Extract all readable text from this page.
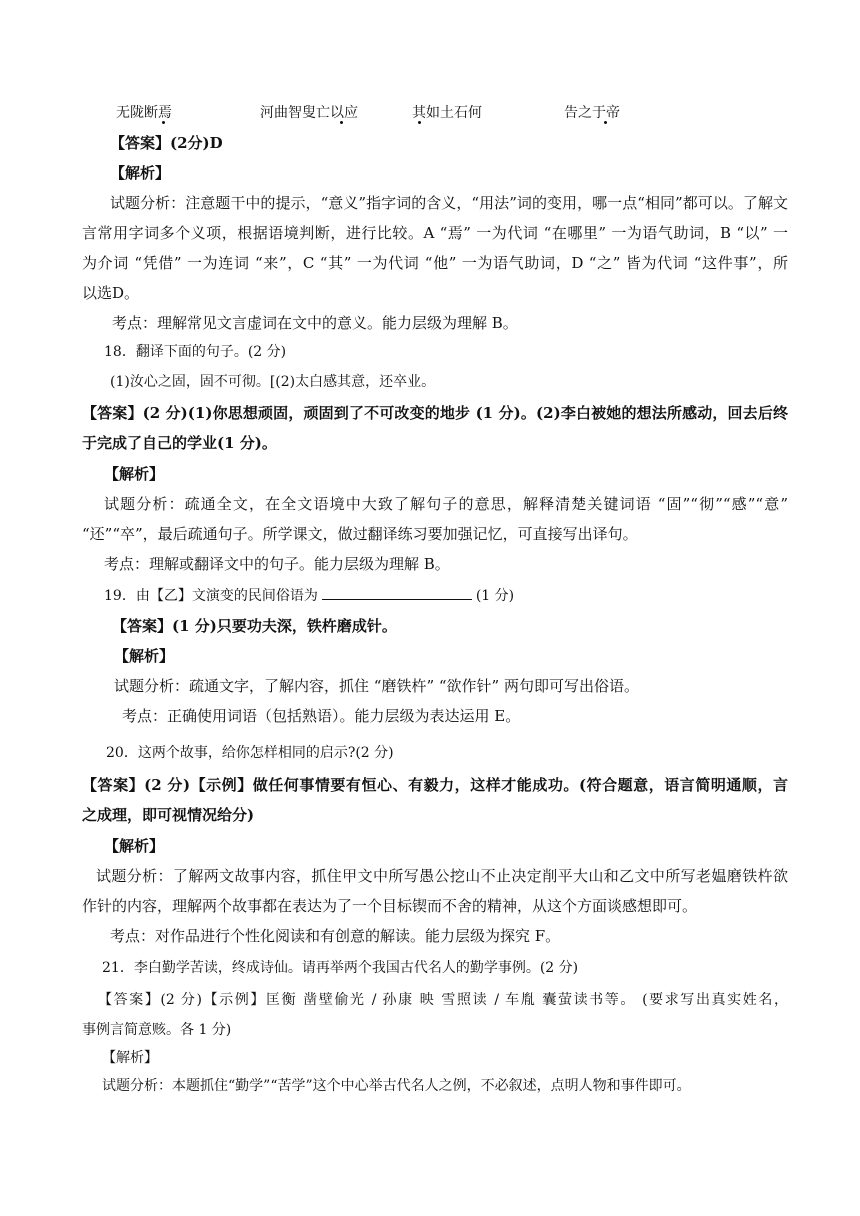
无陇断焉	河曲智叟亡以应	其如土石何	告之于帝
【答案】(2分)D
【解析】
试题分析：注意题干中的提示，“意义”指字词的含义，“用法”词的变用，哪一点“相同”都可以。了解文
言常用字词多个义项，根据语境判断，进行比较。A “焉” 一为代词 “在哪里” 一为语气助词，B “以” 一
为介词 “凭借” 一为连词 “来”，C “其” 一为代词 “他” 一为语气助词，D “之” 皆为代词 “这件事”，所
以选D。
考点：理解常见文言虚词在文中的意义。能力层级为理解 B。
18．翻译下面的句子。(2 分)
(1)汝心之固，固不可彻。[(2)太白感其意，还卒业。
【答案】(2 分)(1)你思想顽固，顽固到了不可改变的地步 (1 分)。(2)李白被她的想法所感动，回去后终
于完成了自己的学业(1 分)。
【解析】
试题分析：疏通全文，在全文语境中大致了解句子的意思，解释清楚关键词语 “固”“彻”“感”“意”
“还”“卒”，最后疏通句子。所学课文，做过翻译练习要加强记忆，可直接写出译句。
考点：理解或翻译文中的句子。能力层级为理解 B。
19．由【乙】文演变的民间俗语为	(1 分)
【答案】(1 分)只要功夫深，铁杵磨成针。
【解析】
试题分析：疏通文字，了解内容，抓住 “磨铁杵” “欲作针” 两句即可写出俗语。
考点：正确使用词语（包括熟语）。能力层级为表达运用 E。
20．这两个故事，给你怎样相同的启示?(2 分)
【答案】(2 分)【示例】做任何事情要有恒心、有毅力，这样才能成功。(符合题意，语言简明通顺，言
之成理，即可视情况给分)
【解析】
试题分析：了解两文故事内容，抓住甲文中所写愚公挖山不止决定削平大山和乙文中所写老媪磨铁杵欲
作针的内容，理解两个故事都在表达为了一个目标锲而不舍的精神，从这个方面谈感想即可。
考点：对作品进行个性化阅读和有创意的解读。能力层级为探究 F。
21．李白勤学苦读，终成诗仙。请再举两个我国古代名人的勤学事例。(2 分)
【答案】(2 分)【示例】匡衡 凿壁偷光 / 孙康 映 雪照读 / 车胤 囊萤读书等。 (要求写出真实姓名，
事例言简意赅。各 1 分)
【解析】
试题分析：本题抓住“勤学”“苦学”这个中心举古代名人之例，不必叙述，点明人物和事件即可。
